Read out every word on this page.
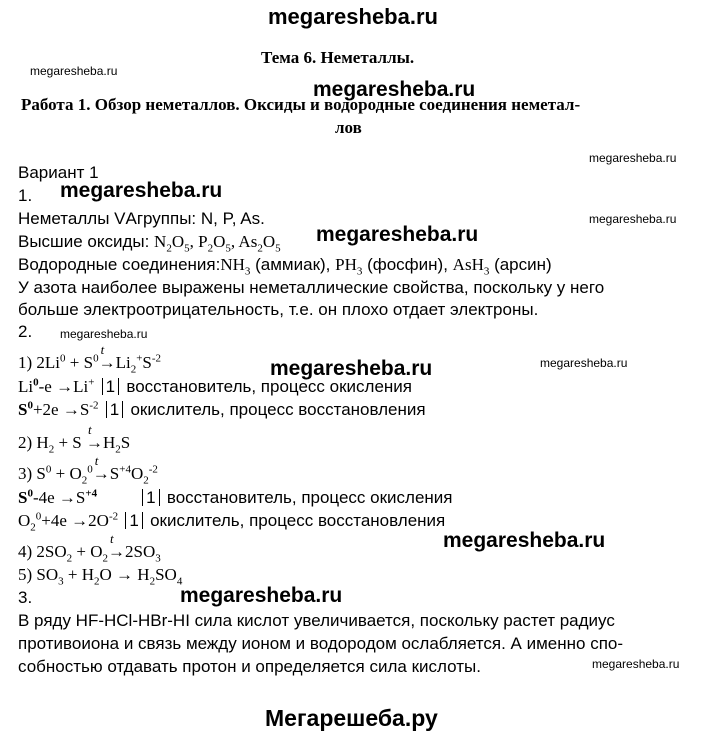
megaresheba.ru
megaresheba.ru
megaresheba.ru
megaresheba.ru
megaresheba.ru
megaresheba.ru
megaresheba.ru
megaresheba.ru
megaresheba.ru	megaresheba.ru
megaresheba.ru
megaresheba.ru
megaresheba.ru
Мегарешеба.ру
Тема 6. Неметаллы.
Работа 1. Обзор неметаллов. Оксиды и водородные соединения немeтал-
лов
Вариант 1
1.
Неметаллы VАгруппы: N, P, As.
Высшие оксиды: $N_2O_5$, $P_2O_5$, $As_2O_5$
Водородные $соединения:NH_3$ (аммиак), $PH_3$ (фосфин), AsH$_3$ (арсин)
У азота наиболее выражены неметаллические свойства, поскольку у него
больше электроотрицательность, т.е. он плохо отдает электроны.
2.
1) $2Li^0 + S^0$
t
$\to Li_2^+S^{-2}$
$Li^0-e \to Li^+$ 1 восстановитель, процесс окисления
$S^0+2e \to S^{-2}$ 1 окислитель, процесс восстановления
2) $H_2 + S$
t
$\to H_2S$
3) $S^0 + O_2^0$
t
$\to S^{+4}O_2^{-2}$
$S^0-4e \to S^{+4}$	1 восстановитель, процесс окисления
$O_2^0+4e \to 2O^{-2}$ 1 окислитель, процесс восстановления
4) $2SO_2 + O_2$
t
$\to 2SO_3$
5) $SO_3 + H_2O \to H_2SO_4$
3.
В ряду HF-HCl-HBr-HI сила кислот увеличивается, поскольку растет радиус
противоиона и связь между ионом и водородом ослабляется. А именно спо-
собностью отдавать протон и определяется сила кислоты.
